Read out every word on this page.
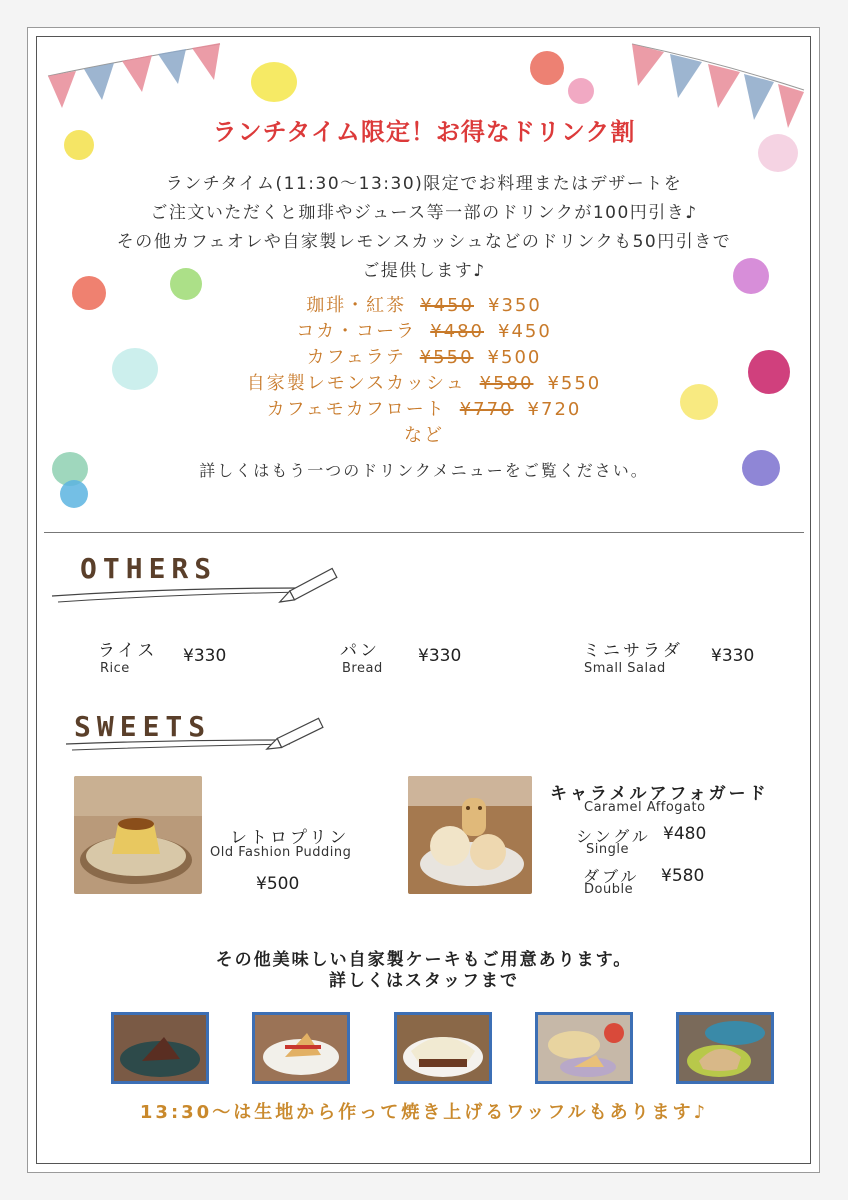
ランチタイム限定！お得なドリンク割
ランチタイム(11:30〜13:30)限定でお料理またはデザートを
ご注文いただくと珈琲やジュース等一部のドリンクが100円引き♪
その他カフェオレや自家製レモンスカッシュなどのドリンクも50円引きで
ご提供します♪
珈琲・紅茶 ¥450 ¥350
コカ・コーラ ¥480 ¥450
カフェラテ ¥550 ¥500
自家製レモンスカッシュ ¥580 ¥550
カフェモカフロート ¥770 ¥720
など
詳しくはもう一つのドリンクメニューをご覧ください。
OTHERS
ライス
Rice
¥330	パン
Bread
¥330	ミニサラダ
Small Salad
¥330
SWEETS
レトロプリン
Old Fashion Pudding
¥500
キャラメルアフォガード
Caramel Affogato
シングル
Single
¥480
ダブル
Double
¥580
その他美味しい自家製ケーキもご用意あります。
詳しくはスタッフまで
13:30〜は生地から作って焼き上げるワッフルもあります♪
